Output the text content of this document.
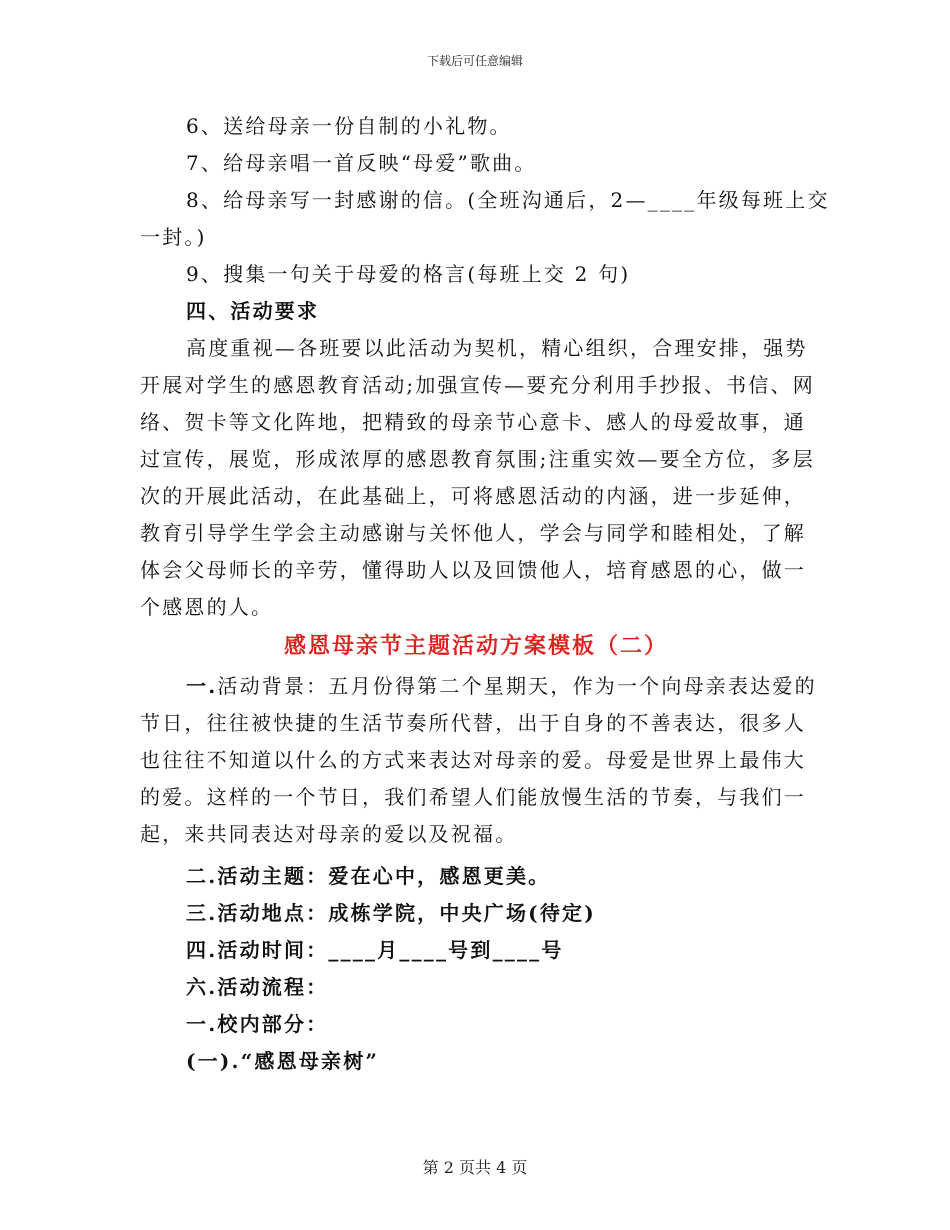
下载后可任意编辑
6、送给母亲一份自制的小礼物。
7、给母亲唱一首反映“母爱”歌曲。
8、给母亲写一封感谢的信。(全班沟通后，2—____年级每班上交
一封。)
9、搜集一句关于母爱的格言(每班上交 2 句)
四、活动要求
高度重视—各班要以此活动为契机，精心组织，合理安排，强势
开展对学生的感恩教育活动;加强宣传—要充分利用手抄报、书信、网
络、贺卡等文化阵地，把精致的母亲节心意卡、感人的母爱故事，通
过宣传，展览，形成浓厚的感恩教育氛围;注重实效—要全方位，多层
次的开展此活动，在此基础上，可将感恩活动的内涵，进一步延伸，
教育引导学生学会主动感谢与关怀他人，学会与同学和睦相处，了解
体会父母师长的辛劳，懂得助人以及回馈他人，培育感恩的心，做一
个感恩的人。
感恩母亲节主题活动方案模板（二）
一.活动背景：五月份得第二个星期天，作为一个向母亲表达爱的
节日，往往被快捷的生活节奏所代替，出于自身的不善表达，很多人
也往往不知道以什么的方式来表达对母亲的爱。母爱是世界上最伟大
的爱。这样的一个节日，我们希望人们能放慢生活的节奏，与我们一
起，来共同表达对母亲的爱以及祝福。
二.活动主题：爱在心中，感恩更美。
三.活动地点：成栋学院，中央广场(待定)
四.活动时间：____月____号到____号
六.活动流程：
一.校内部分：
(一).“感恩母亲树”
第 2 页共 4 页
